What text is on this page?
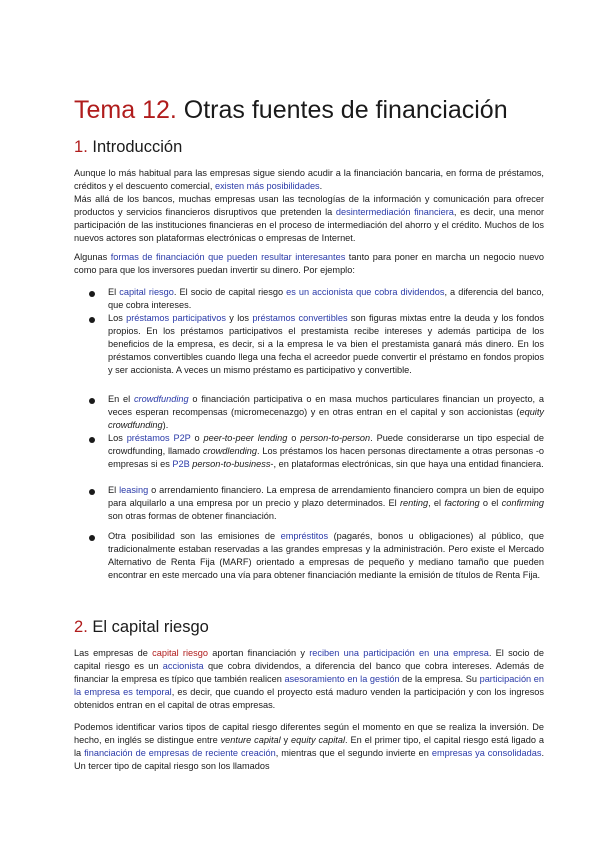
Tema 12. Otras fuentes de financiación
1. Introducción

Aunque lo más habitual para las empresas sigue siendo acudir a la financiación bancaria, en forma de préstamos, créditos y el descuento comercial, existen más posibilidades.
Más allá de los bancos, muchas empresas usan las tecnologías de la información y comunicación para ofrecer productos y servicios financieros disruptivos que pretenden la desintermediación financiera, es decir, una menor participación de las instituciones financieras en el proceso de intermediación del ahorro y el crédito. Muchos de los nuevos actores son plataformas electrónicas o empresas de Internet.

Algunas formas de financiación que pueden resultar interesantes tanto para poner en marcha un negocio nuevo como para que los inversores puedan invertir su dinero. Por ejemplo:

El capital riesgo. El socio de capital riesgo es un accionista que cobra dividendos, a diferencia del banco, que cobra intereses.

Los préstamos participativos y los préstamos convertibles son figuras mixtas entre la deuda y los fondos propios. En los préstamos participativos el prestamista recibe intereses y además participa de los beneficios de la empresa, es decir, si a la empresa le va bien el prestamista ganará más dinero. En los préstamos convertibles cuando llega una fecha el acreedor puede convertir el préstamo en fondos propios y ser accionista. A veces un mismo préstamo es participativo y convertible.

En el crowdfunding o financiación participativa o en masa muchos particulares financian un proyecto, a veces esperan recompensas (micromecenazgo) y en otras entran en el capital y son accionistas (equity crowdfunding).

Los préstamos P2P o peer-to-peer lending o person-to-person. Puede considerarse un tipo especial de crowdfunding, llamado crowdlending. Los préstamos los hacen personas directamente a otras personas -o empresas si es P2B person-to-business-, en plataformas electrónicas, sin que haya una entidad financiera.

El leasing o arrendamiento financiero. La empresa de arrendamiento financiero compra un bien de equipo para alquilarlo a una empresa por un precio y plazo determinados. El renting, el factoring o el confirming son otras formas de obtener financiación.

Otra posibilidad son las emisiones de empréstitos (pagarés, bonos u obligaciones) al público, que tradicionalmente estaban reservadas a las grandes empresas y la administración. Pero existe el Mercado Alternativo de Renta Fija (MARF) orientado a empresas de pequeño y mediano tamaño que pueden encontrar en este mercado una vía para obtener financiación mediante la emisión de títulos de Renta Fija.

2. El capital riesgo

Las empresas de capital riesgo aportan financiación y reciben una participación en una empresa. El socio de capital riesgo es un accionista que cobra dividendos, a diferencia del banco que cobra intereses. Además de financiar la empresa es típico que también realicen asesoramiento en la gestión de la empresa. Su participación en la empresa es temporal, es decir, que cuando el proyecto está maduro venden la participación y con los ingresos obtenidos entran en el capital de otras empresas.

Podemos identificar varios tipos de capital riesgo diferentes según el momento en que se realiza la inversión. De hecho, en inglés se distingue entre venture capital y equity capital. En el primer tipo, el capital riesgo está ligado a la financiación de empresas de reciente creación, mientras que el segundo invierte en empresas ya consolidadas. Un tercer tipo de capital riesgo son los llamados
